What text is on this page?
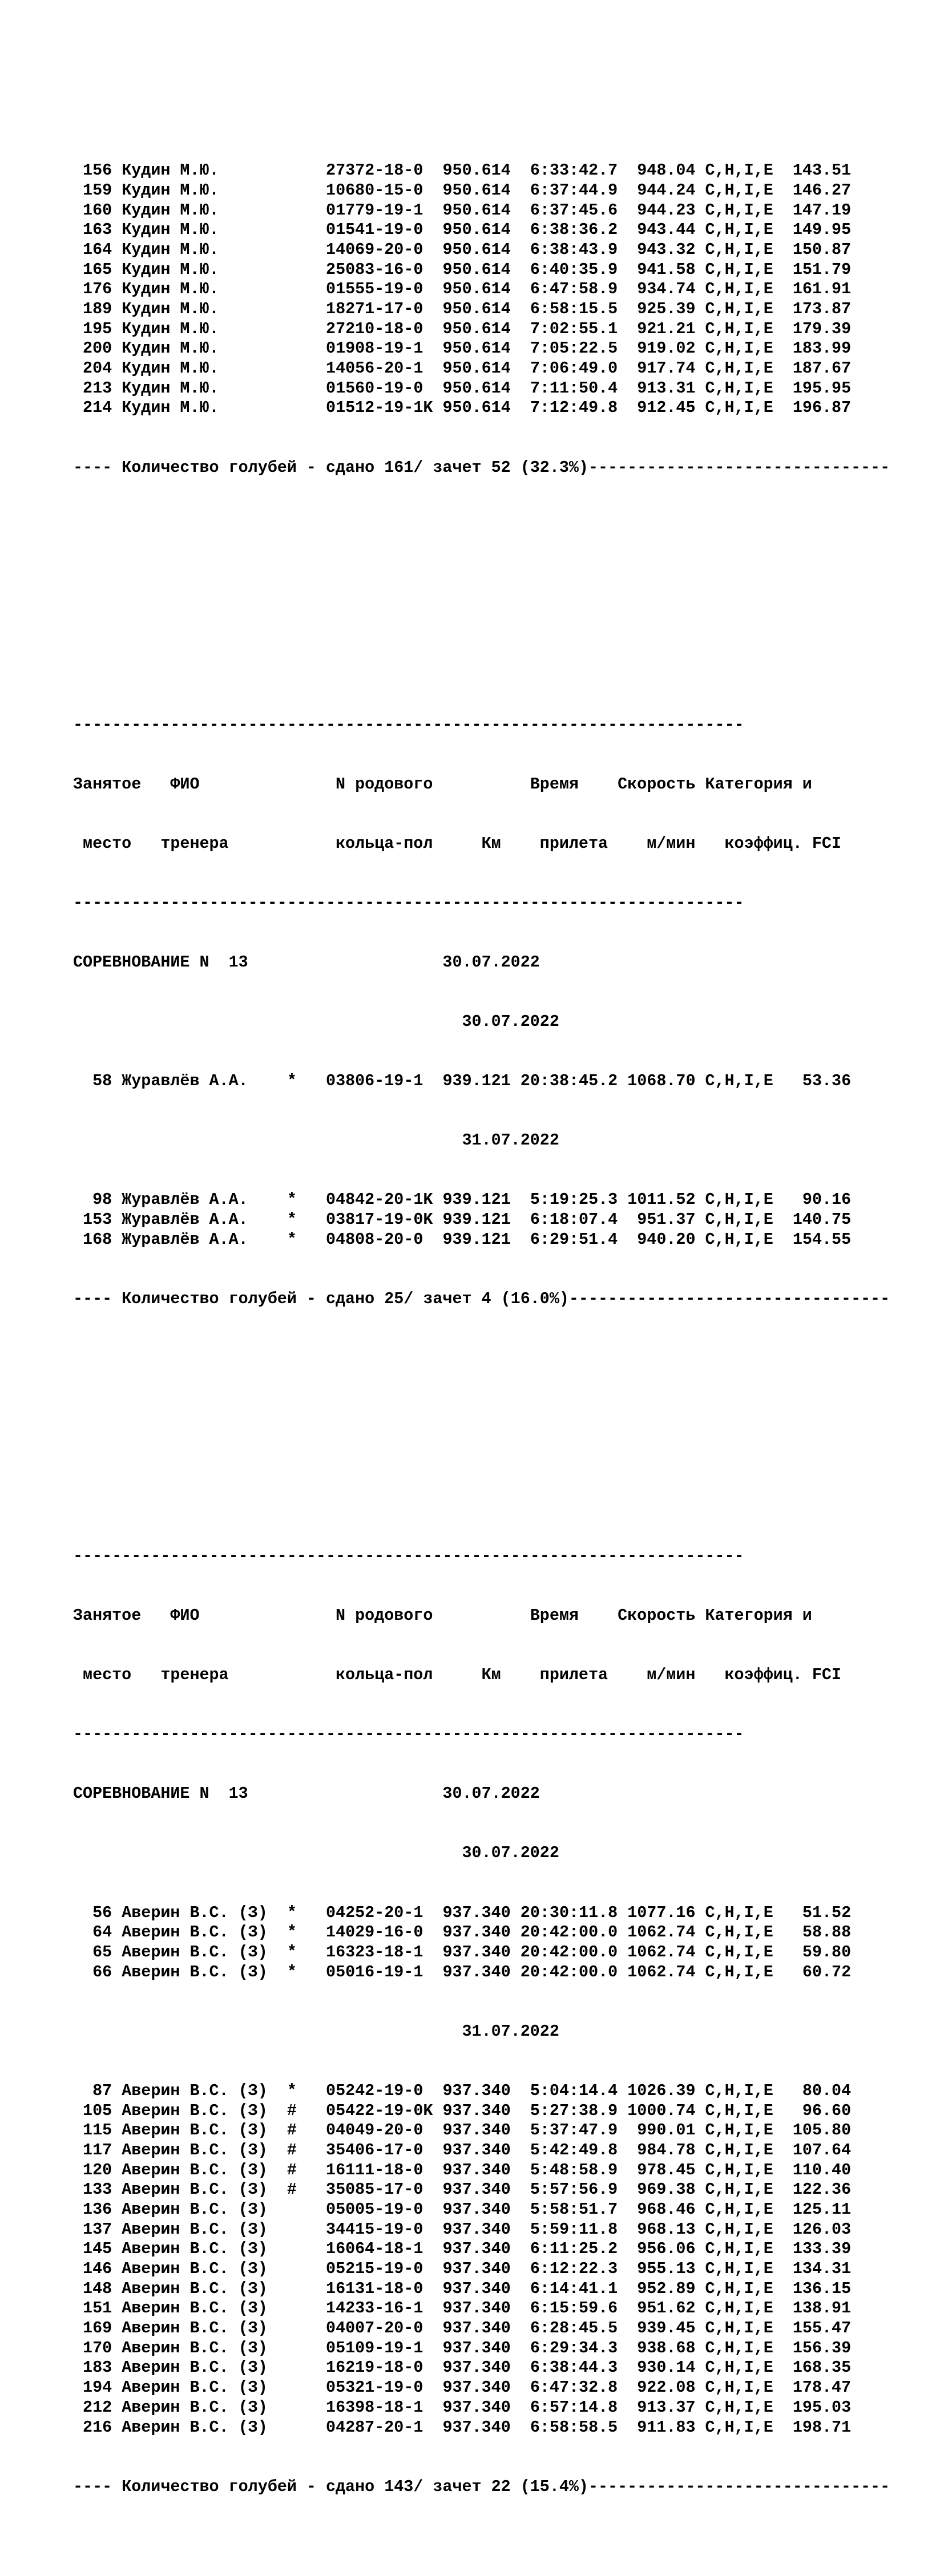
156 Кудин М.Ю.	27372-18-0  950.614  6:33:42.7  948.04 C,H,I,E  143.51
159 Кудин М.Ю.	10680-15-0  950.614  6:37:44.9  944.24 C,H,I,E  146.27
160 Кудин М.Ю.	01779-19-1  950.614  6:37:45.6  944.23 C,H,I,E  147.19
163 Кудин М.Ю.	01541-19-0  950.614  6:38:36.2  943.44 C,H,I,E  149.95
164 Кудин М.Ю.	14069-20-0  950.614  6:38:43.9  943.32 C,H,I,E  150.87
165 Кудин М.Ю.	25083-16-0  950.614  6:40:35.9  941.58 C,H,I,E  151.79
176 Кудин М.Ю.	01555-19-0  950.614  6:47:58.9  934.74 C,H,I,E  161.91
189 Кудин М.Ю.	18271-17-0  950.614  6:58:15.5  925.39 C,H,I,E  173.87
195 Кудин М.Ю.	27210-18-0  950.614  7:02:55.1  921.21 C,H,I,E  179.39
200 Кудин М.Ю.	01908-19-1  950.614  7:05:22.5  919.02 C,H,I,E  183.99
204 Кудин М.Ю.	14056-20-1  950.614  7:06:49.0  917.74 C,H,I,E  187.67
213 Кудин М.Ю.	01560-19-0  950.614  7:11:50.4  913.31 C,H,I,E  195.95
214 Кудин М.Ю.	01512-19-1K 950.614  7:12:49.8  912.45 C,H,I,E  196.87

---- Количество голубей - сдано 161/ зачет 52 (32.3%)-------------------------------

---------------------------------------------------------------------

Занятое   ФИО              N родового          Время    Скорость Категория и

место   тренера           кольца-пол     Км    прилета    м/мин   коэффиц. FCI

---------------------------------------------------------------------

СОРЕВНОВАНИЕ N  13	30.07.2022

30.07.2022

58 Журавлёв А.А.    * 03806-19-1  939.121 20:38:45.2 1068.70 C,H,I,E   53.36

31.07.2022

98 Журавлёв А.А.    * 04842-20-1K 939.121  5:19:25.3 1011.52 C,H,I,E   90.16
153 Журавлёв А.А.    * 03817-19-0K 939.121  6:18:07.4  951.37 C,H,I,E  140.75
168 Журавлёв А.А.    * 04808-20-0  939.121  6:29:51.4  940.20 C,H,I,E  154.55

---- Количество голубей - сдано 25/ зачет 4 (16.0%)---------------------------------

---------------------------------------------------------------------

Занятое   ФИО              N родового          Время    Скорость Категория и

место   тренера           кольца-пол     Км    прилета    м/мин   коэффиц. FCI

---------------------------------------------------------------------

СОРЕВНОВАНИЕ N  13	30.07.2022

30.07.2022

56 Аверин В.С. (З)  * 04252-20-1  937.340 20:30:11.8 1077.16 C,H,I,E   51.52
64 Аверин В.С. (З)  * 14029-16-0  937.340 20:42:00.0 1062.74 C,H,I,E   58.88
65 Аверин В.С. (З)  * 16323-18-1  937.340 20:42:00.0 1062.74 C,H,I,E   59.80
66 Аверин В.С. (З)  * 05016-19-1  937.340 20:42:00.0 1062.74 C,H,I,E   60.72

31.07.2022

87 Аверин В.С. (З)  * 05242-19-0  937.340  5:04:14.4 1026.39 C,H,I,E   80.04
105 Аверин В.С. (З)  # 05422-19-0K 937.340  5:27:38.9 1000.74 C,H,I,E   96.60
115 Аверин В.С. (З)  # 04049-20-0  937.340  5:37:47.9  990.01 C,H,I,E  105.80
117 Аверин В.С. (З)  # 35406-17-0  937.340  5:42:49.8  984.78 C,H,I,E  107.64
120 Аверин В.С. (З)  # 16111-18-0  937.340  5:48:58.9  978.45 C,H,I,E  110.40
133 Аверин В.С. (З)  # 35085-17-0  937.340  5:57:56.9  969.38 C,H,I,E  122.36
136 Аверин В.С. (З)	05005-19-0  937.340  5:58:51.7  968.46 C,H,I,E  125.11
137 Аверин В.С. (З)	34415-19-0  937.340  5:59:11.8  968.13 C,H,I,E  126.03
145 Аверин В.С. (З)	16064-18-1  937.340  6:11:25.2  956.06 C,H,I,E  133.39
146 Аверин В.С. (З)	05215-19-0  937.340  6:12:22.3  955.13 C,H,I,E  134.31
148 Аверин В.С. (З)	16131-18-0  937.340  6:14:41.1  952.89 C,H,I,E  136.15
151 Аверин В.С. (З)	14233-16-1  937.340  6:15:59.6  951.62 C,H,I,E  138.91
169 Аверин В.С. (З)	04007-20-0  937.340  6:28:45.5  939.45 C,H,I,E  155.47
170 Аверин В.С. (З)	05109-19-1  937.340  6:29:34.3  938.68 C,H,I,E  156.39
183 Аверин В.С. (З)	16219-18-0  937.340  6:38:44.3  930.14 C,H,I,E  168.35
194 Аверин В.С. (З)	05321-19-0  937.340  6:47:32.8  922.08 C,H,I,E  178.47
212 Аверин В.С. (З)	16398-18-1  937.340  6:57:14.8  913.37 C,H,I,E  195.03
216 Аверин В.С. (З)	04287-20-1  937.340  6:58:58.5  911.83 C,H,I,E  198.71

---- Количество голубей - сдано 143/ зачет 22 (15.4%)-------------------------------
